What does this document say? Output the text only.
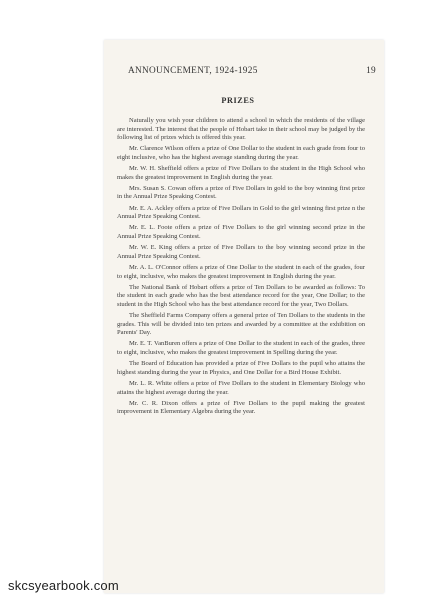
ANNOUNCEMENT, 1924-1925	19
PRIZES

Naturally you wish your children to attend a school in which the residents of the village are interested. The interest that the people of Hobart take in their school may be judged by the following list of prizes which is offered this year.

Mr. Clarence Wilson offers a prize of One Dollar to the student in each grade from four to eight inclusive, who has the highest average standing during the year.

Mr. W. H. Sheffield offers a prize of Five Dollars to the student in the High School who makes the greatest improvement in English during the year.

Mrs. Susan S. Cowan offers a prize of Five Dollars in gold to the boy winning first prize in the Annual Prize Speaking Contest.

Mr. E. A. Ackley offers a prize of Five Dollars in Gold to the girl winning first prize n the Annual Prize Speaking Contest.

Mr. E. L. Foote offers a prize of Five Dollars to the girl winning second prize in the Annual Prize Speaking Contest.

Mr. W. E. King offers a prize of Five Dollars to the boy winning second prize in the Annual Prize Speaking Contest.

Mr. A. L. O'Connor offers a prize of One Dollar to the student in each of the grades, four to eight, inclusive, who makes the greatest improvement in English during the year.

The National Bank of Hobart offers a prize of Ten Dollars to be awarded as follows: To the student in each grade who has the best attendance record for the year, One Dollar; to the student in the High School who has the best attendance record for the year, Two Dollars.

The Sheffield Farms Company offers a general prize of Ten Dollars to the students in the grades. This will be divided into ten prizes and awarded by a committee at the exhibition on Parents' Day.

Mr. E. T. VanBuren offers a prize of One Dollar to the student in each of the grades, three to eight, inclusive, who makes the greatest improvement in Spelling during the year.

The Board of Education has provided a prize of Five Dollars to the pupil who attains the highest standing during the year in Physics, and One Dollar for a Bird House Exhibit.

Mr. L. R. White offers a prize of Five Dollars to the student in Elementary Biology who attains the highest average during the year.

Mr. C. R. Dixon offers a prize of Five Dollars to the pupil making the greatest improvement in Elementary Algebra during the year.

skcsyearbook.com
